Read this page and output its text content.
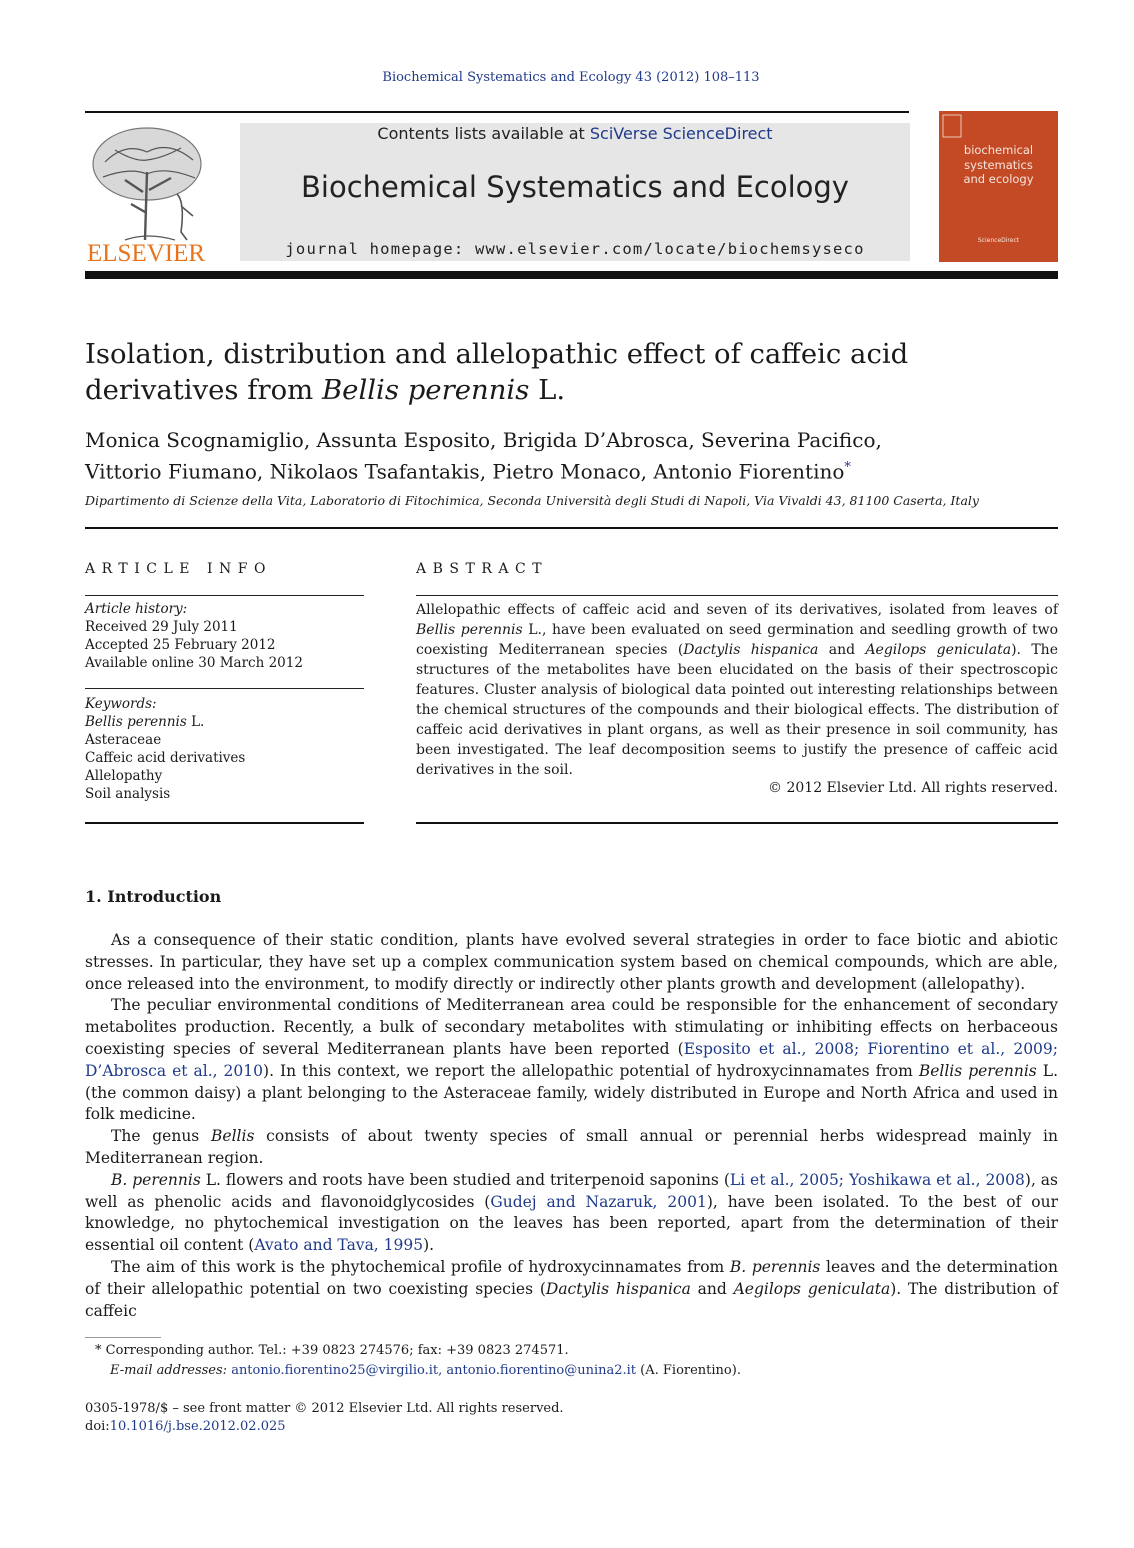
Biochemical Systematics and Ecology 43 (2012) 108–113
ELSEVIER
Contents lists available at SciVerse ScienceDirect
Biochemical Systematics and Ecology
journal homepage: www.elsevier.com/locate/biochemsyseco	ScienceDirect
biochemical
systematics
and ecology
Isolation, distribution and allelopathic effect of caffeic acid derivatives from Bellis perennis L.
Monica Scognamiglio, Assunta Esposito, Brigida D’Abrosca, Severina Pacifico,
Vittorio Fiumano, Nikolaos Tsafantakis, Pietro Monaco, Antonio Fiorentino*
Dipartimento di Scienze della Vita, Laboratorio di Fitochimica, Seconda Università degli Studi di Napoli, Via Vivaldi 43, 81100 Caserta, Italy
ARTICLE INFO	ABSTRACT
Article history:
Received 29 July 2011
Accepted 25 February 2012
Available online 30 March 2012
Keywords:
Bellis perennis L.
Asteraceae
Caffeic acid derivatives
Allelopathy
Soil analysis
Allelopathic effects of caffeic acid and seven of its derivatives, isolated from leaves of Bellis perennis L., have been evaluated on seed germination and seedling growth of two coexisting Mediterranean species (Dactylis hispanica and Aegilops geniculata). The structures of the metabolites have been elucidated on the basis of their spectroscopic features. Cluster analysis of biological data pointed out interesting relationships between the chemical structures of the compounds and their biological effects. The distribution of caffeic acid derivatives in plant organs, as well as their presence in soil community, has been investigated. The leaf decomposition seems to justify the presence of caffeic acid derivatives in the soil.
© 2012 Elsevier Ltd. All rights reserved.
1. Introduction

As a consequence of their static condition, plants have evolved several strategies in order to face biotic and abiotic stresses. In particular, they have set up a complex communication system based on chemical compounds, which are able, once released into the environment, to modify directly or indirectly other plants growth and development (allelopathy).

The peculiar environmental conditions of Mediterranean area could be responsible for the enhancement of secondary metabolites production. Recently, a bulk of secondary metabolites with stimulating or inhibiting effects on herbaceous coexisting species of several Mediterranean plants have been reported (Esposito et al., 2008; Fiorentino et al., 2009; D’Abrosca et al., 2010). In this context, we report the allelopathic potential of hydroxycinnamates from Bellis perennis L. (the common daisy) a plant belonging to the Asteraceae family, widely distributed in Europe and North Africa and used in folk medicine.

The genus Bellis consists of about twenty species of small annual or perennial herbs widespread mainly in Mediterranean region.

B. perennis L. flowers and roots have been studied and triterpenoid saponins (Li et al., 2005; Yoshikawa et al., 2008), as well as phenolic acids and flavonoidglycosides (Gudej and Nazaruk, 2001), have been isolated. To the best of our knowledge, no phytochemical investigation on the leaves has been reported, apart from the determination of their essential oil content (Avato and Tava, 1995).

The aim of this work is the phytochemical profile of hydroxycinnamates from B. perennis leaves and the determination of their allelopathic potential on two coexisting species (Dactylis hispanica and Aegilops geniculata). The distribution of caffeic

* Corresponding author. Tel.: +39 0823 274576; fax: +39 0823 274571.
E-mail addresses: antonio.fiorentino25@virgilio.it, antonio.fiorentino@unina2.it (A. Fiorentino).
0305-1978/$ – see front matter © 2012 Elsevier Ltd. All rights reserved.
doi:10.1016/j.bse.2012.02.025
